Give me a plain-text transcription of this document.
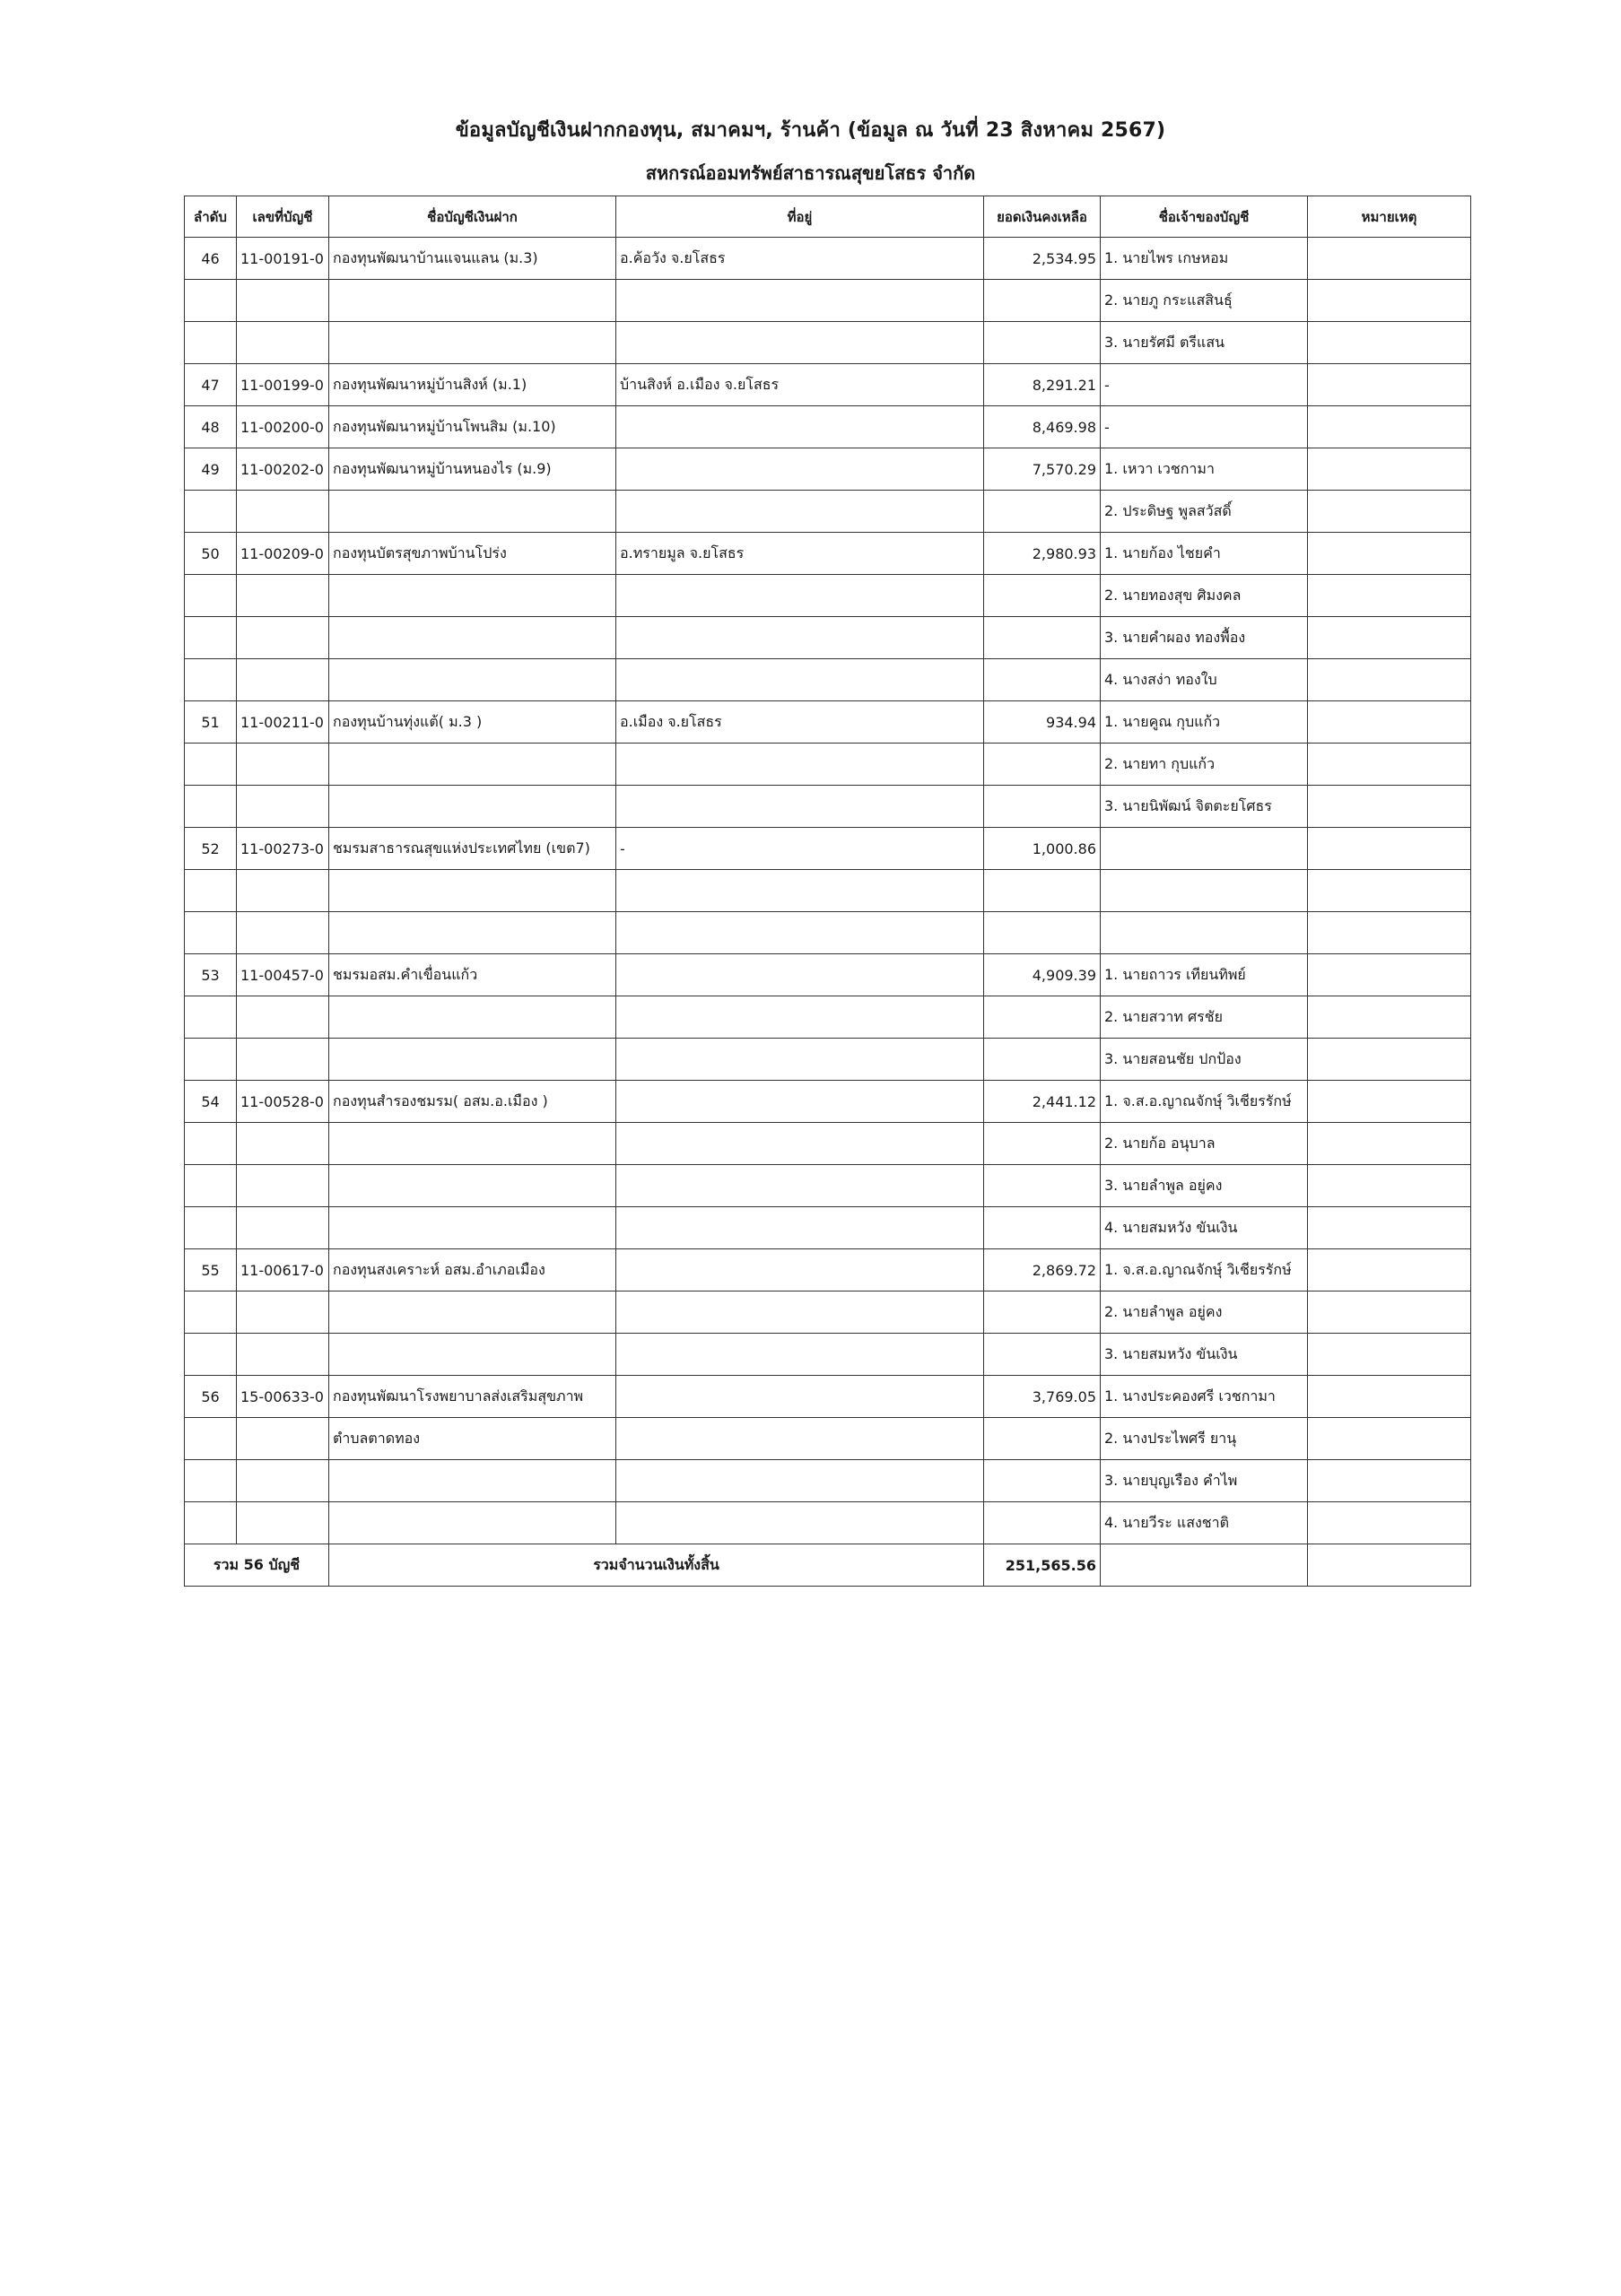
ข้อมูลบัญชีเงินฝากกองทุน, สมาคมฯ, ร้านค้า (ข้อมูล ณ วันที่ 23 สิงหาคม 2567)
สหกรณ์ออมทรัพย์สาธารณสุขยโสธร จำกัด
ลำดับ	เลขที่บัญชี	ชื่อบัญชีเงินฝาก	ที่อยู่	ยอดเงินคงเหลือ	ชื่อเจ้าของบัญชี	หมายเหตุ
46	11-00191-0	กองทุนพัฒนาบ้านแจนแลน (ม.3)	อ.ค้อวัง จ.ยโสธร	2,534.95	1. นายไพร เกษหอม	
					2. นายภู กระแสสินธุ์	
					3. นายรัศมี ตรีแสน	
47	11-00199-0	กองทุนพัฒนาหมู่บ้านสิงห์ (ม.1)	บ้านสิงห์ อ.เมือง จ.ยโสธร	8,291.21	-	
48	11-00200-0	กองทุนพัฒนาหมู่บ้านโพนสิม (ม.10)		8,469.98	-	
49	11-00202-0	กองทุนพัฒนาหมู่บ้านหนองไร (ม.9)		7,570.29	1. เหวา เวชกามา	
					2. ประดิษฐ พูลสวัสดิ์	
50	11-00209-0	กองทุนบัตรสุขภาพบ้านโปร่ง	อ.ทรายมูล จ.ยโสธร	2,980.93	1. นายก้อง ไชยคำ	
					2. นายทองสุข ศิมงคล	
					3. นายคำผอง ทองพื้อง	
					4. นางสง่า ทองใบ	
51	11-00211-0	กองทุนบ้านทุ่งแต้( ม.3 )	อ.เมือง จ.ยโสธร	934.94	1. นายคูณ กุบแก้ว	
					2. นายทา กุบแก้ว	
					3. นายนิพัฒน์ จิตตะยโศธร	
52	11-00273-0	ชมรมสาธารณสุขแห่งประเทศไทย (เขต7)	-	1,000.86		

53	11-00457-0	ชมรมอสม.คำเขื่อนแก้ว		4,909.39	1. นายถาวร เทียนทิพย์	
					2. นายสวาท ศรชัย	
					3. นายสอนชัย ปกป้อง	
54	11-00528-0	กองทุนสำรองชมรม( อสม.อ.เมือง )		2,441.12	1. จ.ส.อ.ญาณจักษุ์ วิเชียรรักษ์	
					2. นายก้อ อนุบาล	
					3. นายลำพูล อยู่คง	
					4. นายสมหวัง ขันเงิน	
55	11-00617-0	กองทุนสงเคราะห์ อสม.อำเภอเมือง		2,869.72	1. จ.ส.อ.ญาณจักษุ์ วิเชียรรักษ์	
					2. นายลำพูล อยู่คง	
					3. นายสมหวัง ขันเงิน	
56	15-00633-0	กองทุนพัฒนาโรงพยาบาลส่งเสริมสุขภาพ		3,769.05	1. นางประคองศรี เวชกามา	
		ตำบลตาดทอง			2. นางประไพศรี ยานุ	
					3. นายบุญเรือง คำไพ	
					4. นายวีระ แสงชาติ	
รวม 56 บัญชี		รวมจำนวนเงินทั้งสิ้น		251,565.56		
